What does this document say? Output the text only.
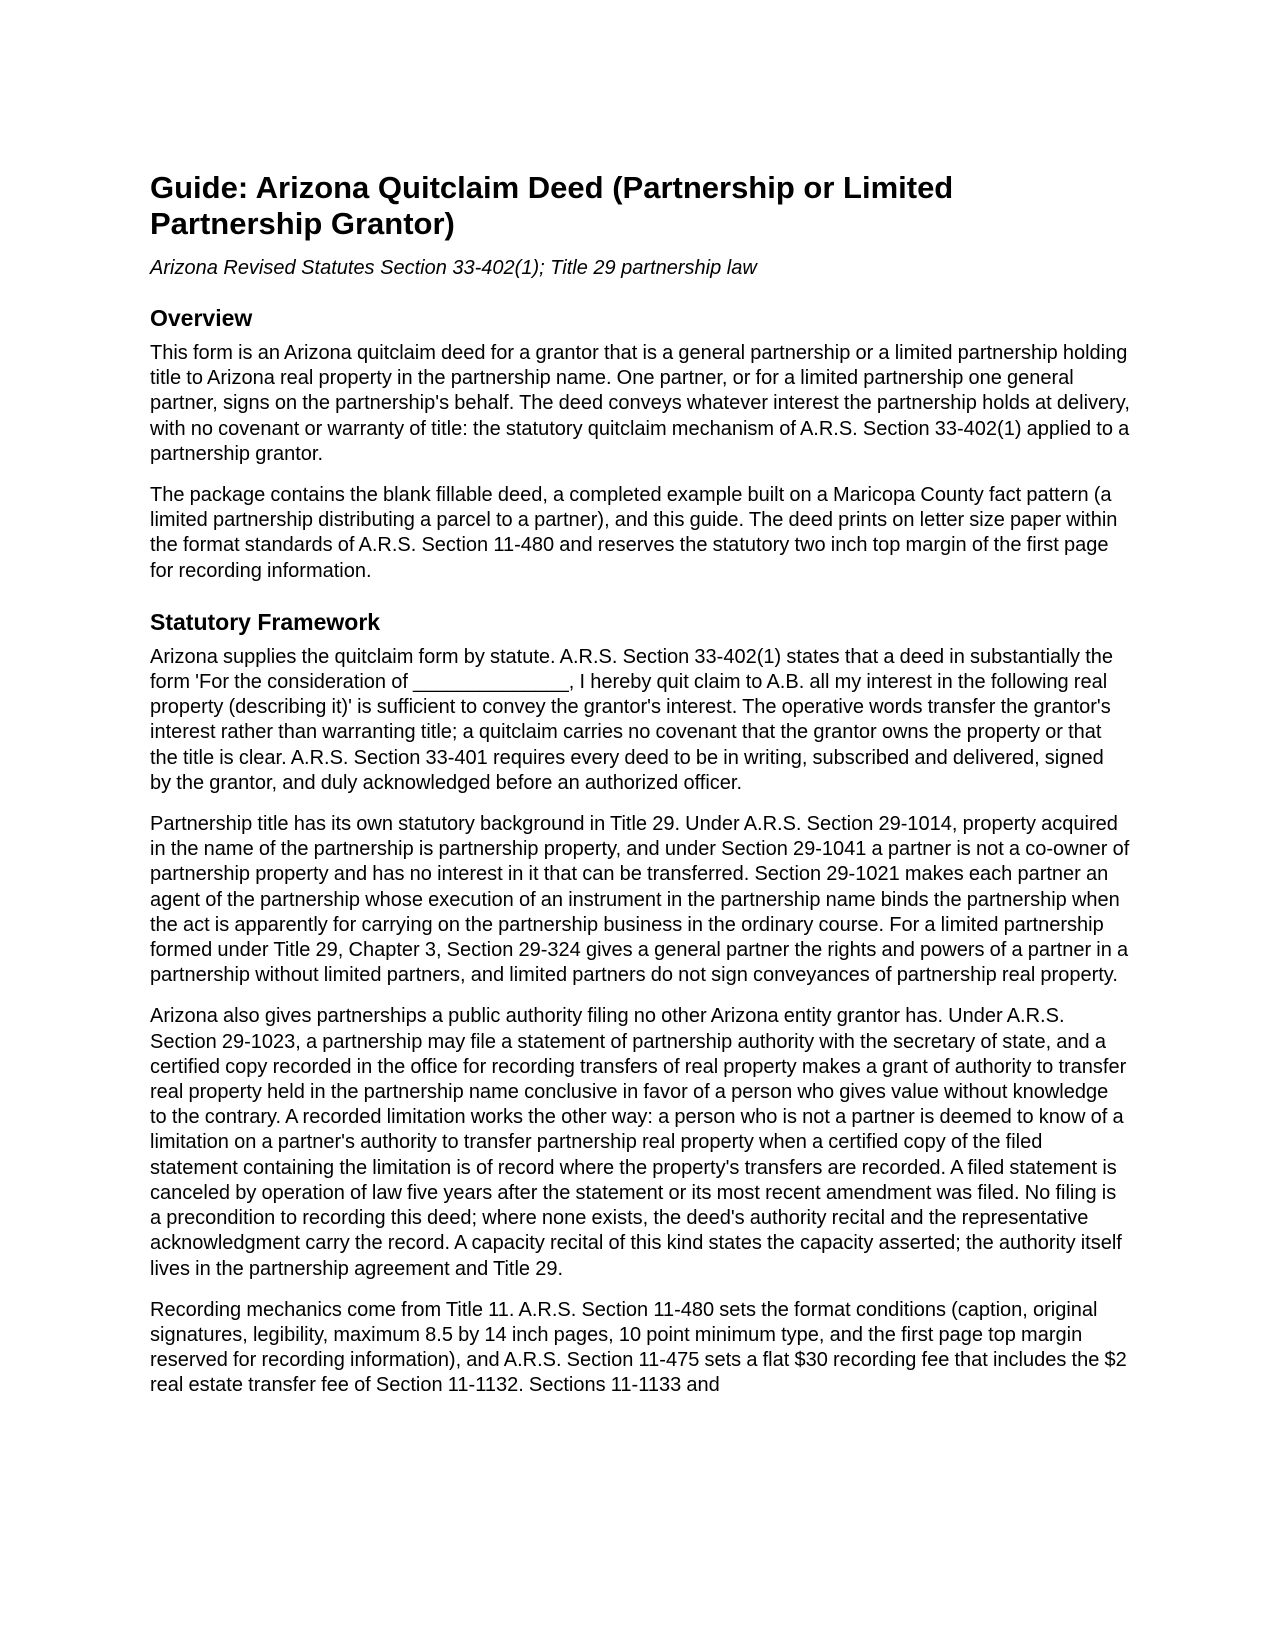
Guide: Arizona Quitclaim Deed (Partnership or Limited Partnership Grantor)

Arizona Revised Statutes Section 33-402(1); Title 29 partnership law

Overview

This form is an Arizona quitclaim deed for a grantor that is a general partnership or a limited partnership holding title to Arizona real property in the partnership name. One partner, or for a limited partnership one general partner, signs on the partnership's behalf. The deed conveys whatever interest the partnership holds at delivery, with no covenant or warranty of title: the statutory quitclaim mechanism of A.R.S. Section 33-402(1) applied to a partnership grantor.

The package contains the blank fillable deed, a completed example built on a Maricopa County fact pattern (a limited partnership distributing a parcel to a partner), and this guide. The deed prints on letter size paper within the format standards of A.R.S. Section 11-480 and reserves the statutory two inch top margin of the first page for recording information.

Statutory Framework

Arizona supplies the quitclaim form by statute. A.R.S. Section 33-402(1) states that a deed in substantially the form 'For the consideration of ______________, I hereby quit claim to A.B. all my interest in the following real property (describing it)' is sufficient to convey the grantor's interest. The operative words transfer the grantor's interest rather than warranting title; a quitclaim carries no covenant that the grantor owns the property or that the title is clear. A.R.S. Section 33-401 requires every deed to be in writing, subscribed and delivered, signed by the grantor, and duly acknowledged before an authorized officer.

Partnership title has its own statutory background in Title 29. Under A.R.S. Section 29-1014, property acquired in the name of the partnership is partnership property, and under Section 29-1041 a partner is not a co-owner of partnership property and has no interest in it that can be transferred. Section 29-1021 makes each partner an agent of the partnership whose execution of an instrument in the partnership name binds the partnership when the act is apparently for carrying on the partnership business in the ordinary course. For a limited partnership formed under Title 29, Chapter 3, Section 29-324 gives a general partner the rights and powers of a partner in a partnership without limited partners, and limited partners do not sign conveyances of partnership real property.

Arizona also gives partnerships a public authority filing no other Arizona entity grantor has. Under A.R.S. Section 29-1023, a partnership may file a statement of partnership authority with the secretary of state, and a certified copy recorded in the office for recording transfers of real property makes a grant of authority to transfer real property held in the partnership name conclusive in favor of a person who gives value without knowledge to the contrary. A recorded limitation works the other way: a person who is not a partner is deemed to know of a limitation on a partner's authority to transfer partnership real property when a certified copy of the filed statement containing the limitation is of record where the property's transfers are recorded. A filed statement is canceled by operation of law five years after the statement or its most recent amendment was filed. No filing is a precondition to recording this deed; where none exists, the deed's authority recital and the representative acknowledgment carry the record. A capacity recital of this kind states the capacity asserted; the authority itself lives in the partnership agreement and Title 29.

Recording mechanics come from Title 11. A.R.S. Section 11-480 sets the format conditions (caption, original signatures, legibility, maximum 8.5 by 14 inch pages, 10 point minimum type, and the first page top margin reserved for recording information), and A.R.S. Section 11-475 sets a flat $30 recording fee that includes the $2 real estate transfer fee of Section 11-1132. Sections 11-1133 and
